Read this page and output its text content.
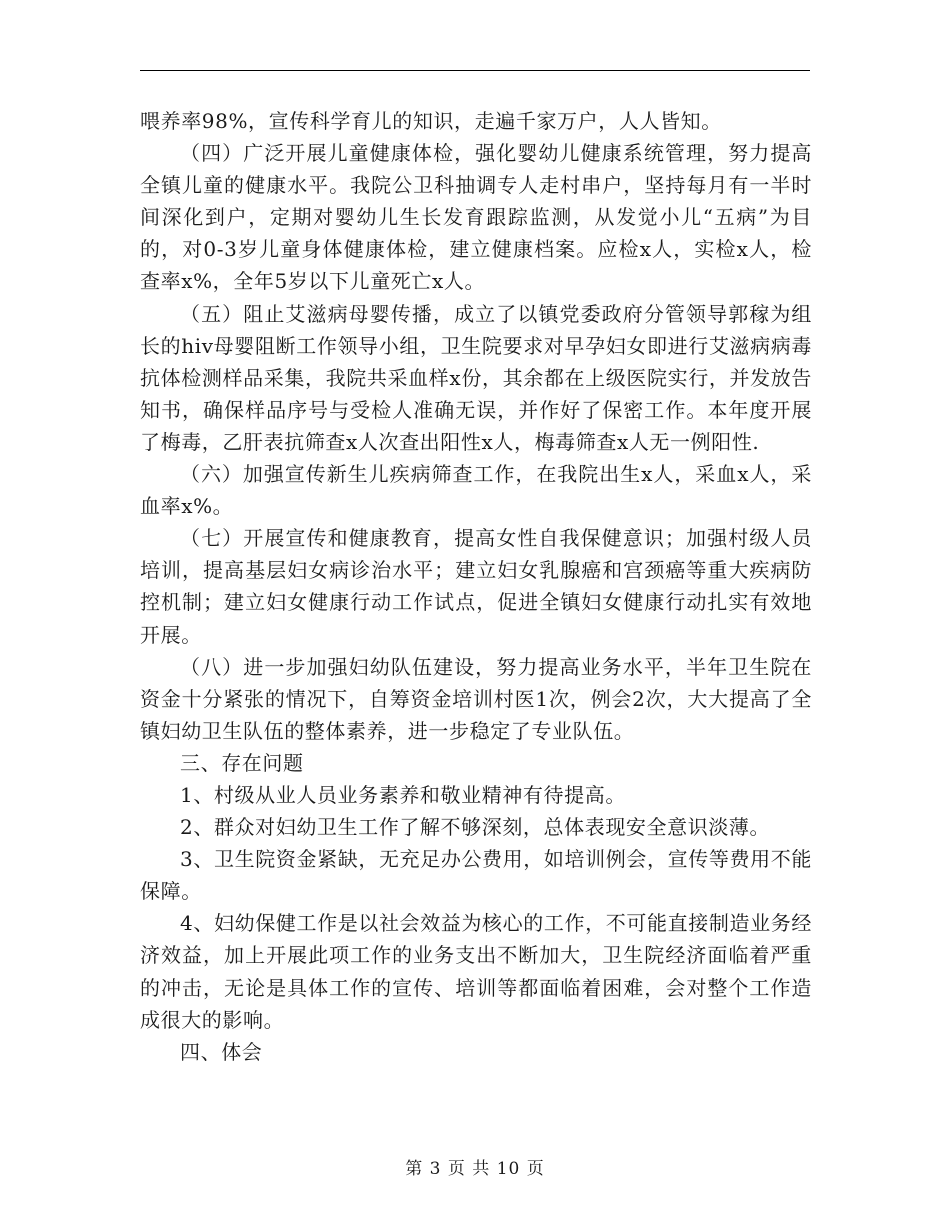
喂养率98%，宣传科学育儿的知识，走遍千家万户，人人皆知。

（四）广泛开展儿童健康体检，强化婴幼儿健康系统管理，努力提高全镇儿童的健康水平。我院公卫科抽调专人走村串户，坚持每月有一半时间深化到户，定期对婴幼儿生长发育跟踪监测，从发觉小儿“五病”为目的，对0-3岁儿童身体健康体检，建立健康档案。应检x人，实检x人，检查率x%，全年5岁以下儿童死亡x人。

（五）阻止艾滋病母婴传播，成立了以镇党委政府分管领导郭稼为组长的hiv母婴阻断工作领导小组，卫生院要求对早孕妇女即进行艾滋病病毒抗体检测样品采集，我院共采血样x份，其余都在上级医院实行，并发放告知书，确保样品序号与受检人准确无误，并作好了保密工作。本年度开展了梅毒，乙肝表抗筛查x人次查出阳性x人，梅毒筛查x人无一例阳性.

（六）加强宣传新生儿疾病筛查工作，在我院出生x人，采血x人，采血率x%。

（七）开展宣传和健康教育，提高女性自我保健意识；加强村级人员培训，提高基层妇女病诊治水平；建立妇女乳腺癌和宫颈癌等重大疾病防控机制；建立妇女健康行动工作试点，促进全镇妇女健康行动扎实有效地开展。

（八）进一步加强妇幼队伍建设，努力提高业务水平，半年卫生院在资金十分紧张的情况下，自筹资金培训村医1次，例会2次，大大提高了全镇妇幼卫生队伍的整体素养，进一步稳定了专业队伍。

三、存在问题

1、村级从业人员业务素养和敬业精神有待提高。

2、群众对妇幼卫生工作了解不够深刻，总体表现安全意识淡薄。

3、卫生院资金紧缺，无充足办公费用，如培训例会，宣传等费用不能保障。

4、妇幼保健工作是以社会效益为核心的工作，不可能直接制造业务经济效益，加上开展此项工作的业务支出不断加大，卫生院经济面临着严重的冲击，无论是具体工作的宣传、培训等都面临着困难，会对整个工作造成很大的影响。

四、体会

第 3 页 共 10 页
